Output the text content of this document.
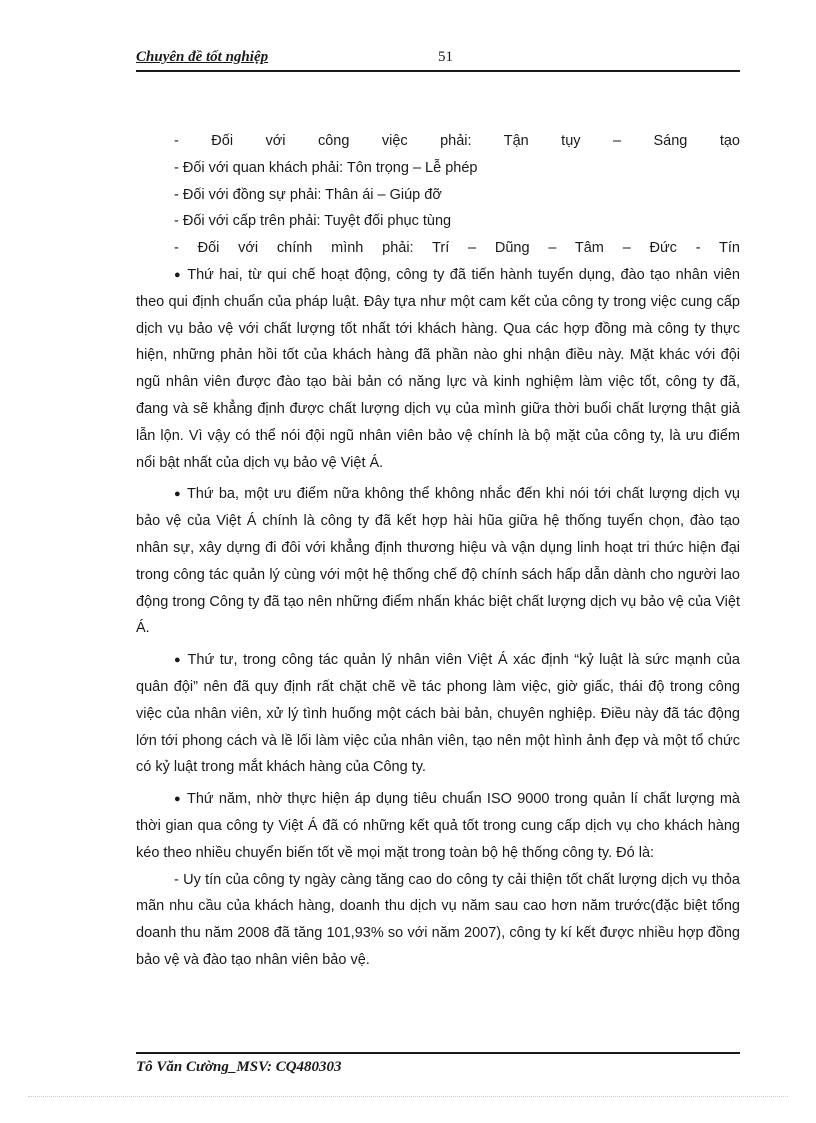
Chuyên đề tốt nghiệp	51

- Đối với công việc phải: Tận tụy – Sáng tạo

- Đối với quan khách phải: Tôn trọng – Lễ phép

- Đối với đồng sự phải: Thân ái – Giúp đỡ

- Đối với cấp trên phải: Tuyệt đối phục tùng

- Đối với chính mình phải: Trí – Dũng – Tâm – Đức - Tín

● Thứ hai, từ qui chế hoạt động, công ty đã tiến hành tuyển dụng, đào tạo nhân viên theo qui định chuẩn của pháp luật. Đây tựa như một cam kết của công ty trong việc cung cấp dịch vụ bảo vệ với chất lượng tốt nhất tới khách hàng. Qua các hợp đồng mà công ty thực hiện, những phản hồi tốt của khách hàng đã phần nào ghi nhận điều này. Mặt khác với đội ngũ nhân viên được đào tạo bài bản có năng lực và kinh nghiệm làm việc tốt, công ty đã, đang và sẽ khẳng định được chất lượng dịch vụ của mình giữa thời buổi chất lượng thật giả lẫn lộn. Vì vậy có thể nói đội ngũ nhân viên bảo vệ chính là bộ mặt của công ty, là ưu điểm nổi bật nhất của dịch vụ bảo vệ Việt Á.

● Thứ ba, một ưu điểm nữa không thể không nhắc đến khi nói tới chất lượng dịch vụ bảo vệ của Việt Á chính là công ty đã kết hợp hài hũa giữa hệ thống tuyển chọn, đào tạo nhân sự, xây dựng đi đôi với khẳng định thương hiệu và vận dụng linh hoạt tri thức hiện đại trong công tác quản lý cùng với một hệ thống chế độ chính sách hấp dẫn dành cho người lao động trong Công ty đã tạo nên những điểm nhấn khác biệt chất lượng dịch vụ bảo vệ của Việt Á.

● Thứ tư, trong công tác quản lý nhân viên Việt Á xác định “kỷ luật là sức mạnh của quân đội” nên đã quy định rất chặt chẽ về tác phong làm việc, giờ giấc, thái độ trong công việc của nhân viên, xử lý tình huống một cách bài bản, chuyên nghiệp. Điều này đã tác động lớn tới phong cách và lề lối làm việc của nhân viên, tạo nên một hình ảnh đẹp và một tổ chức có kỷ luật trong mắt khách hàng của Công ty.

● Thứ năm, nhờ thực hiện áp dụng tiêu chuẩn ISO 9000 trong quản lí chất lượng mà thời gian qua công ty Việt Á đã có những kết quả tốt trong cung cấp dịch vụ cho khách hàng kéo theo nhiều chuyển biến tốt về mọi mặt trong toàn bộ hệ thống công ty. Đó là:

- Uy tín của công ty ngày càng tăng cao do công ty cải thiện tốt chất lượng dịch vụ thỏa mãn nhu cầu của khách hàng, doanh thu dịch vụ năm sau cao hơn năm trước(đặc biệt tổng doanh thu năm 2008 đã tăng 101,93% so với năm 2007), công ty kí kết được nhiều hợp đồng bảo vệ và đào tạo nhân viên bảo vệ.

Tô Văn Cường_MSV: CQ480303
